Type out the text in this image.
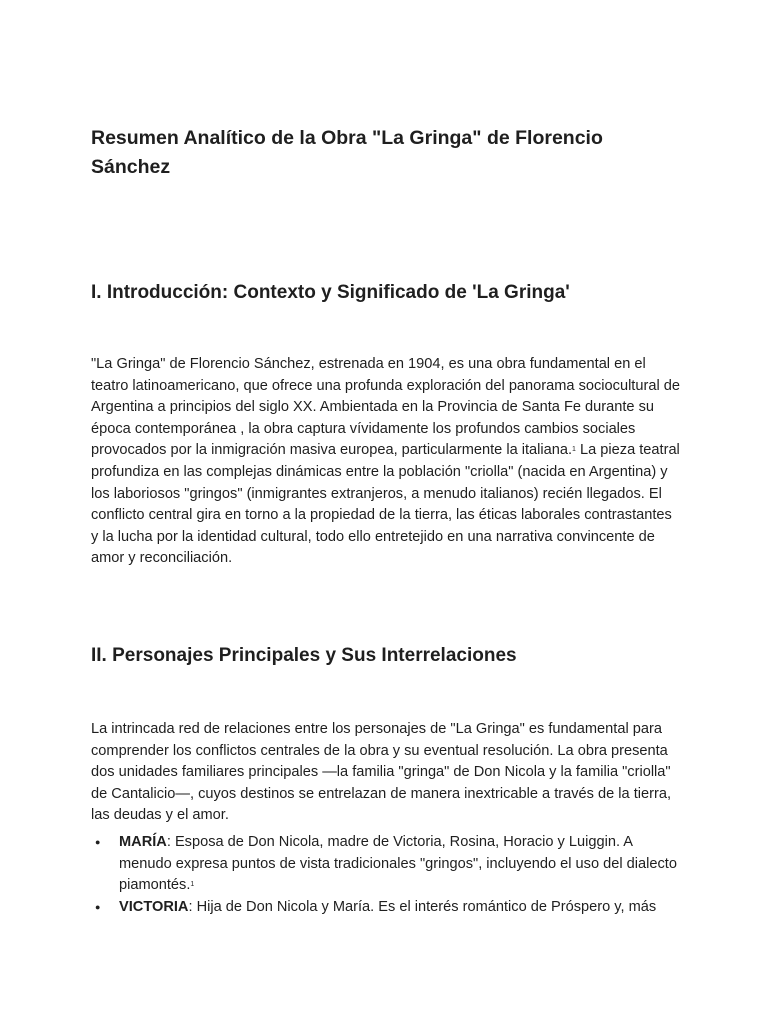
Resumen Analítico de la Obra "La Gringa" de Florencio Sánchez
I. Introducción: Contexto y Significado de 'La Gringa'

"La Gringa" de Florencio Sánchez, estrenada en 1904, es una obra fundamental en el teatro latinoamericano, que ofrece una profunda exploración del panorama sociocultural de Argentina a principios del siglo XX. Ambientada en la Provincia de Santa Fe durante su época contemporánea , la obra captura vívidamente los profundos cambios sociales provocados por la inmigración masiva europea, particularmente la italiana.$^1$ La pieza teatral profundiza en las complejas dinámicas entre la población "criolla" (nacida en Argentina) y los laboriosos "gringos" (inmigrantes extranjeros, a menudo italianos) recién llegados. El conflicto central gira en torno a la propiedad de la tierra, las éticas laborales contrastantes y la lucha por la identidad cultural, todo ello entretejido en una narrativa convincente de amor y reconciliación.

II. Personajes Principales y Sus Interrelaciones

La intrincada red de relaciones entre los personajes de "La Gringa" es fundamental para comprender los conflictos centrales de la obra y su eventual resolución. La obra presenta dos unidades familiares principales —la familia "gringa" de Don Nicola y la familia "criolla" de Cantalicio—, cuyos destinos se entrelazan de manera inextricable a través de la tierra, las deudas y el amor.

● MARÍA: Esposa de Don Nicola, madre de Victoria, Rosina, Horacio y Luiggin. A menudo expresa puntos de vista tradicionales "gringos", incluyendo el uso del dialecto piamontés.$^1$
● VICTORIA: Hija de Don Nicola y María. Es el interés romántico de Próspero y, más
